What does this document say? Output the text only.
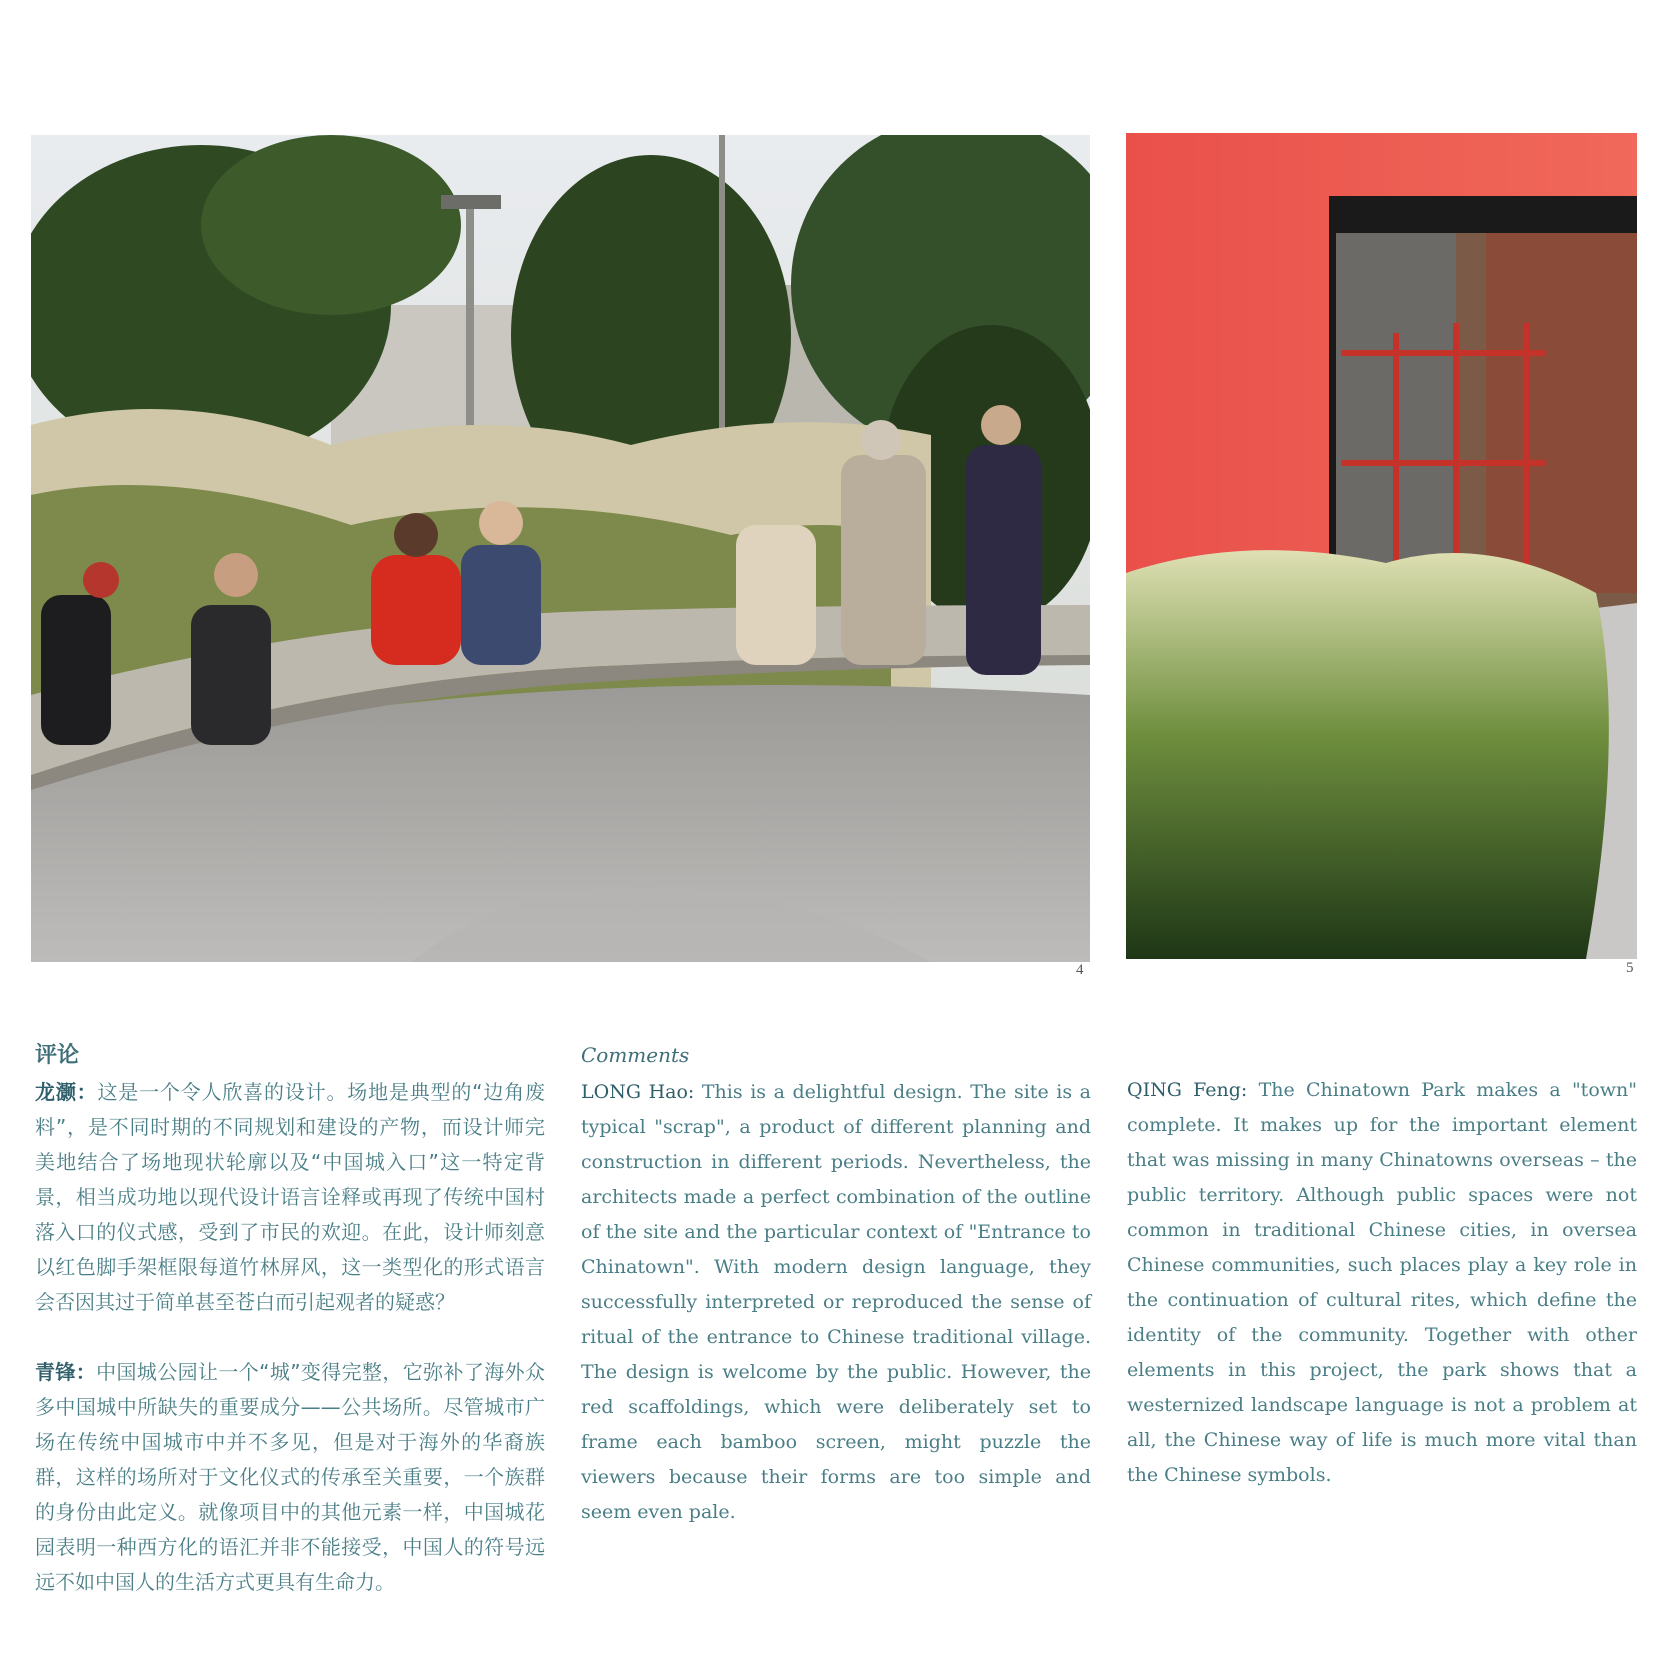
4	5
评论

龙灏：这是一个令人欣喜的设计。场地是典型的“边角废料”，是不同时期的不同规划和建设的产物，而设计师完美地结合了场地现状轮廓以及“中国城入口”这一特定背景，相当成功地以现代设计语言诠释或再现了传统中国村落入口的仪式感，受到了市民的欢迎。在此，设计师刻意以红色脚手架框限每道竹林屏风，这一类型化的形式语言会否因其过于简单甚至苍白而引起观者的疑惑？

青锋：中国城公园让一个“城”变得完整，它弥补了海外众多中国城中所缺失的重要成分——公共场所。尽管城市广场在传统中国城市中并不多见，但是对于海外的华裔族群，这样的场所对于文化仪式的传承至关重要，一个族群的身份由此定义。就像项目中的其他元素一样，中国城花园表明一种西方化的语汇并非不能接受，中国人的符号远远不如中国人的生活方式更具有生命力。

Comments

LONG Hao: This is a delightful design. The site is a typical "scrap", a product of different planning and construction in different periods. Nevertheless, the architects made a perfect combination of the outline of the site and the particular context of "Entrance to Chinatown". With modern design language, they successfully interpreted or reproduced the sense of ritual of the entrance to Chinese traditional village. The design is welcome by the public. However, the red scaffoldings, which were deliberately set to frame each bamboo screen, might puzzle the viewers because their forms are too simple and seem even pale.

QING Feng: The Chinatown Park makes a "town" complete. It makes up for the important element that was missing in many Chinatowns overseas – the public territory. Although public spaces were not common in traditional Chinese cities, in oversea Chinese communities, such places play a key role in the continuation of cultural rites, which define the identity of the community. Together with other elements in this project, the park shows that a westernized landscape language is not a problem at all, the Chinese way of life is much more vital than the Chinese symbols.
